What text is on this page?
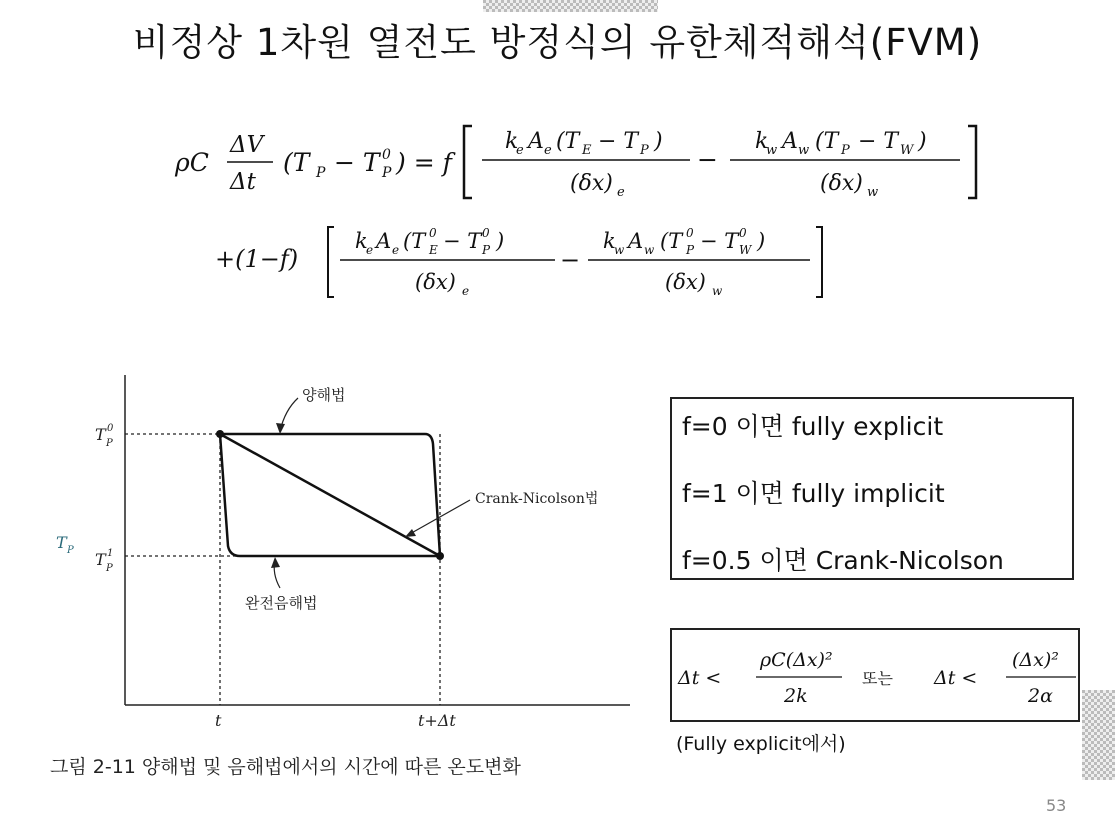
비정상 1차원 열전도 방정식의 유한체적해석(FVM)
ρC
ΔV
Δt
(T P − T P
0 ) = f
k
e A e (T E − T P )
(δx) e
−
k
w A w (T P − T W )
(δx) w
+(1−f)
k
e A e (T E
0 − T P
0 )
(δx) e
−
k
w A w (T P
0 − T W
0 )
(δx) w
양해법
Crank-Nicolson법
완전음해법
T P
T P
0
T P
1
t	t+Δt
그림 2-11 양해법 및 음해법에서의 시간에 따른 온도변화
f=0 이면 fully explicit
f=1 이면 fully implicit
f=0.5 이면 Crank-Nicolson
Δt <
ρC(Δx)²
2k
또는 Δt <
(Δx)²
2α
(Fully explicit에서)
53
